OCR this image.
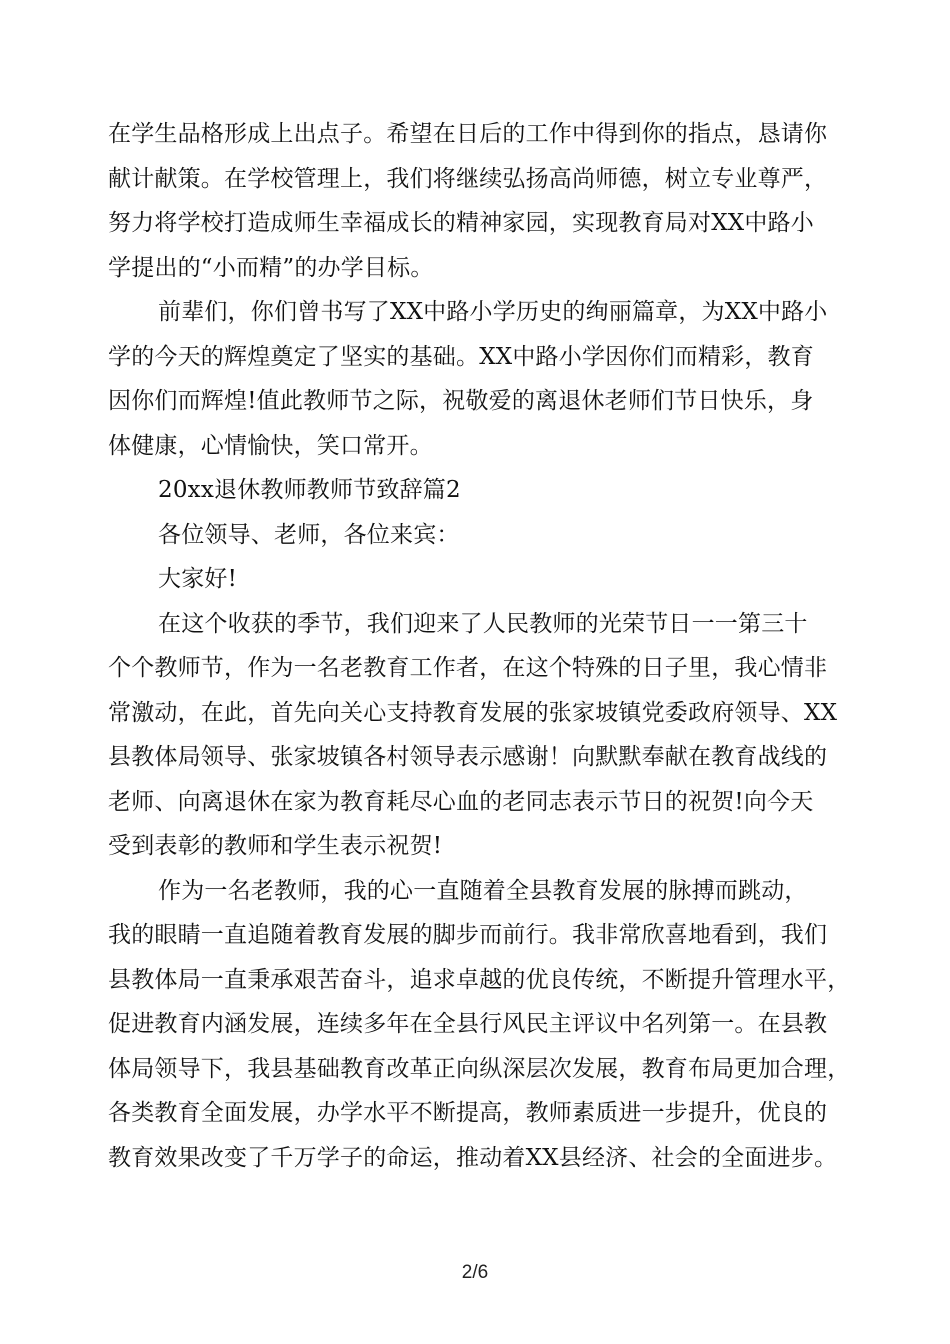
在学生品格形成上出点子。希望在日后的工作中得到你的指点，恳请你
献计献策。在学校管理上，我们将继续弘扬高尚师德，树立专业尊严，
努力将学校打造成师生幸福成长的精神家园，实现教育局对XX中路小
学提出的“小而精”的办学目标。
前辈们，你们曾书写了XX中路小学历史的绚丽篇章，为XX中路小
学的今天的辉煌奠定了坚实的基础。XX中路小学因你们而精彩，教育
因你们而辉煌!值此教师节之际，祝敬爱的离退休老师们节日快乐，身
体健康，心情愉快，笑口常开。
20xx退休教师教师节致辞篇2
各位领导、老师，各位来宾：
大家好!
在这个收获的季节，我们迎来了人民教师的光荣节日一一第三十
个个教师节，作为一名老教育工作者，在这个特殊的日子里，我心情非
常激动，在此，首先向关心支持教育发展的张家坡镇党委政府领导、XX
县教体局领导、张家坡镇各村领导表示感谢！向默默奉献在教育战线的
老师、向离退休在家为教育耗尽心血的老同志表示节日的祝贺!向今天
受到表彰的教师和学生表示祝贺!
作为一名老教师，我的心一直随着全县教育发展的脉搏而跳动，
我的眼睛一直追随着教育发展的脚步而前行。我非常欣喜地看到，我们
县教体局一直秉承艰苦奋斗，追求卓越的优良传统，不断提升管理水平，
促进教育内涵发展，连续多年在全县行风民主评议中名列第一。在县教
体局领导下，我县基础教育改革正向纵深层次发展，教育布局更加合理，
各类教育全面发展，办学水平不断提高，教师素质进一步提升，优良的
教育效果改变了千万学子的命运，推动着XX县经济、社会的全面进步。
2/6
